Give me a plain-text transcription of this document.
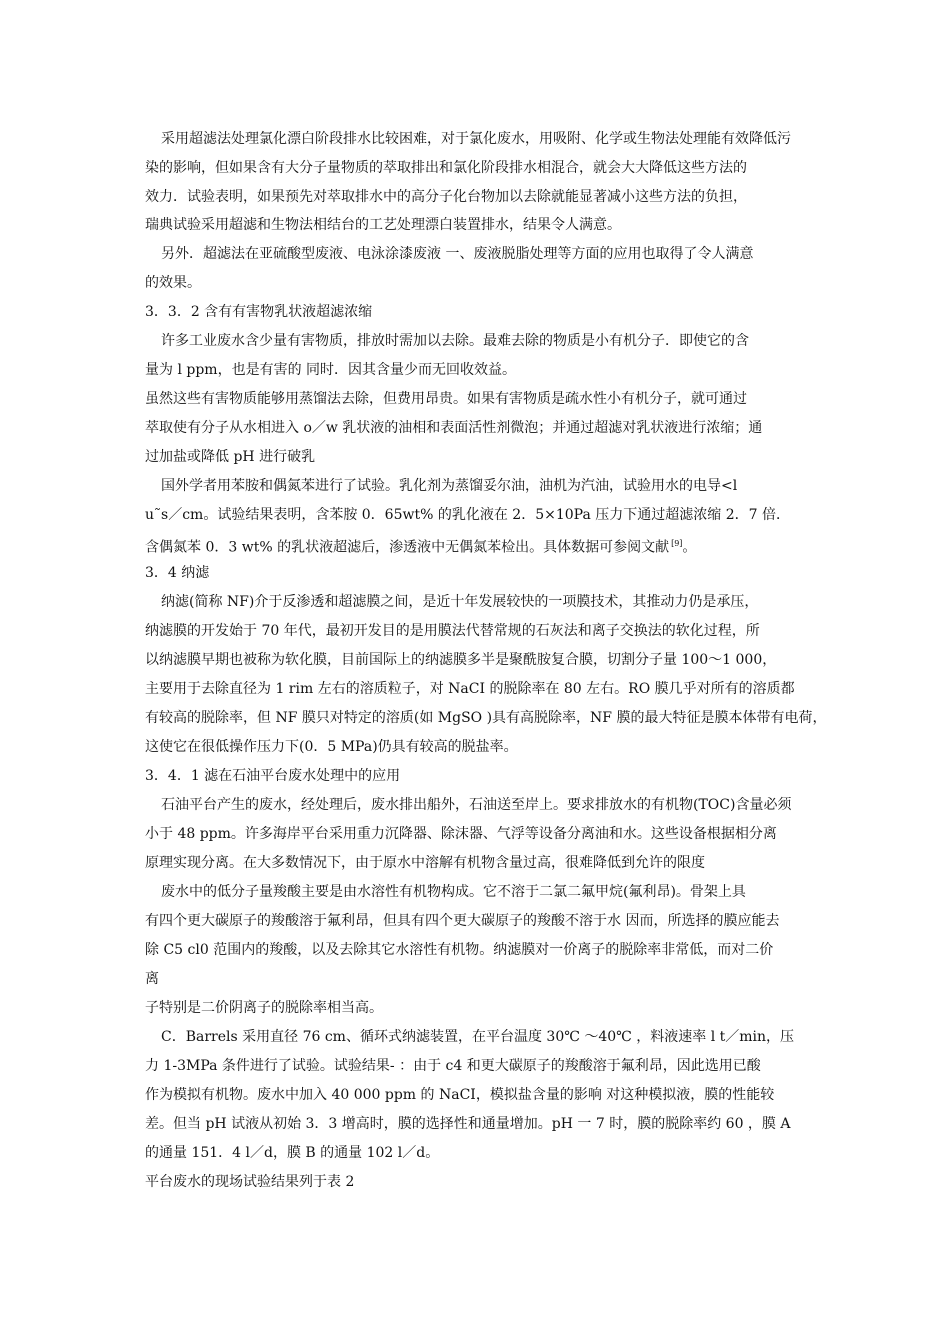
采用超滤法处理氯化漂白阶段排水比较困难，对于氯化废水，用吸附、化学或生物法处理能有效降低污
染的影响，但如果含有大分子量物质的萃取排出和氯化阶段排水相混合，就会大大降低这些方法的
效力．试验表明，如果预先对萃取排水中的高分子化台物加以去除就能显著减小这些方法的负担，
瑞典试验采用超滤和生物法相结台的工艺处理漂白装置排水，结果令人满意。
另外．超滤法在亚硫酸型废液、电泳涂漆废液 一、废液脱脂处理等方面的应用也取得了令人满意
的效果。
3．3．2 含有有害物乳状液超滤浓缩
许多工业废水含少量有害物质，排放时需加以去除。最难去除的物质是小有机分子．即使它的含
量为 l ppm，也是有害的 同时．因其含量少而无回收效益。
虽然这些有害物质能够用蒸馏法去除，但费用昂贵。如果有害物质是疏水性小有机分子，就可通过
萃取使有分子从水相进入 o／w 乳状液的油相和表面活性剂微泡；并通过超滤对乳状液进行浓缩；通
过加盐或降低 pH 进行破乳
国外学者用苯胺和偶氮苯进行了试验。乳化剂为蒸馏妥尔油，油机为汽油，试验用水的电导<l
u˜s／cm。试验结果表明，含苯胺 0．65wt% 的乳化液在 2．5×10Pa 压力下通过超滤浓缩 2．7 倍．
含偶氮苯 0．3 wt% 的乳状液超滤后，渗透液中无偶氮苯检出。具体数据可参阅文献 [9]。
3．4 纳滤
纳滤(简称 NF)介于反渗透和超滤膜之间，是近十年发展较快的一项膜技术，其推动力仍是承压，
纳滤膜的开发始于 70 年代，最初开发目的是用膜法代替常规的石灰法和离子交换法的软化过程，所
以纳滤膜早期也被称为软化膜，目前国际上的纳滤膜多半是聚酰胺复合膜，切割分子量 100～1 000，
主要用于去除直径为 1 rim 左右的溶质粒子，对 NaCI 的脱除率在 80 左右。RO 膜几乎对所有的溶质都
有较高的脱除率，但 NF 膜只对特定的溶质(如 MgSO )具有高脱除率，NF 膜的最大特征是膜本体带有电荷，
这使它在很低操作压力下(0．5 MPa)仍具有较高的脱盐率。
3．4．1 滤在石油平台废水处理中的应用
石油平台产生的废水，经处理后，废水排出船外，石油送至岸上。要求排放水的有机物(TOC)含量必须
小于 48 ppm。许多海岸平台采用重力沉降器、除沫器、气浮等设备分离油和水。这些设备根据相分离
原理实现分离。在大多数情况下，由于原水中溶解有机物含量过高，很难降低到允许的限度
废水中的低分子量羧酸主要是由水溶性有机物构成。它不溶于二氯二氟甲烷(氟利昂)。骨架上具
有四个更大碳原子的羧酸溶于氟利昂，但具有四个更大碳原子的羧酸不溶于水 因而，所选择的膜应能去
除 C5 cl0 范围内的羧酸，以及去除其它水溶性有机物。纳滤膜对一价离子的脱除率非常低，而对二价
离
子特别是二价阴离子的脱除率相当高。
C．Barrels 采用直径 76 cm、循环式纳滤装置，在平台温度 30℃ ～40℃ ，料液速率 l t／min，压
力 1-3MPa 条件进行了试验。试验结果- ：由于 c4 和更大碳原子的羧酸溶于氟利昂，因此选用已酸
作为模拟有机物。废水中加入 40 000 ppm 的 NaCI，模拟盐含量的影响 对这种模拟液，膜的性能较
差。但当 pH 试液从初始 3．3 增高时，膜的选择性和通量增加。pH 一 7 时，膜的脱除率约 60 ，膜 A
的通量 151．4 l／d，膜 B 的通量 102 l／d。
平台废水的现场试验结果列于表 2
